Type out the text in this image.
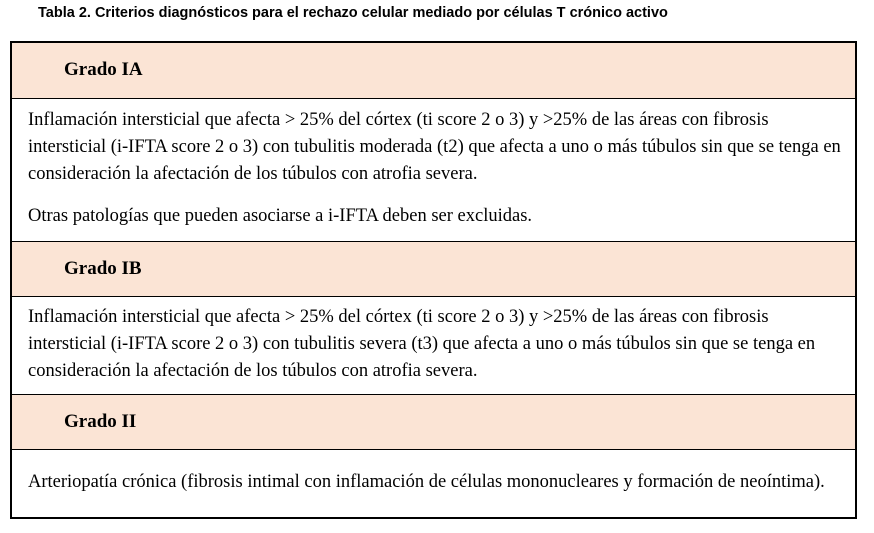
Tabla 2. Criterios diagnósticos para el rechazo celular mediado por células T crónico activo
Grado IA

Inflamación intersticial que afecta > 25% del córtex (ti score 2 o 3) y >25% de las áreas con fibrosis intersticial (i-IFTA score 2 o 3) con tubulitis moderada (t2) que afecta a uno o más túbulos sin que se tenga en consideración la afectación de los túbulos con atrofia severa.

Otras patologías que pueden asociarse a i-IFTA deben ser excluidas.

Grado IB

Inflamación intersticial que afecta > 25% del córtex (ti score 2 o 3) y >25% de las áreas con fibrosis intersticial (i-IFTA score 2 o 3) con tubulitis severa (t3) que afecta a uno o más túbulos sin que se tenga en consideración la afectación de los túbulos con atrofia severa.

Grado II

Arteriopatía crónica (fibrosis intimal con inflamación de células mononucleares y formación de neoíntima).
